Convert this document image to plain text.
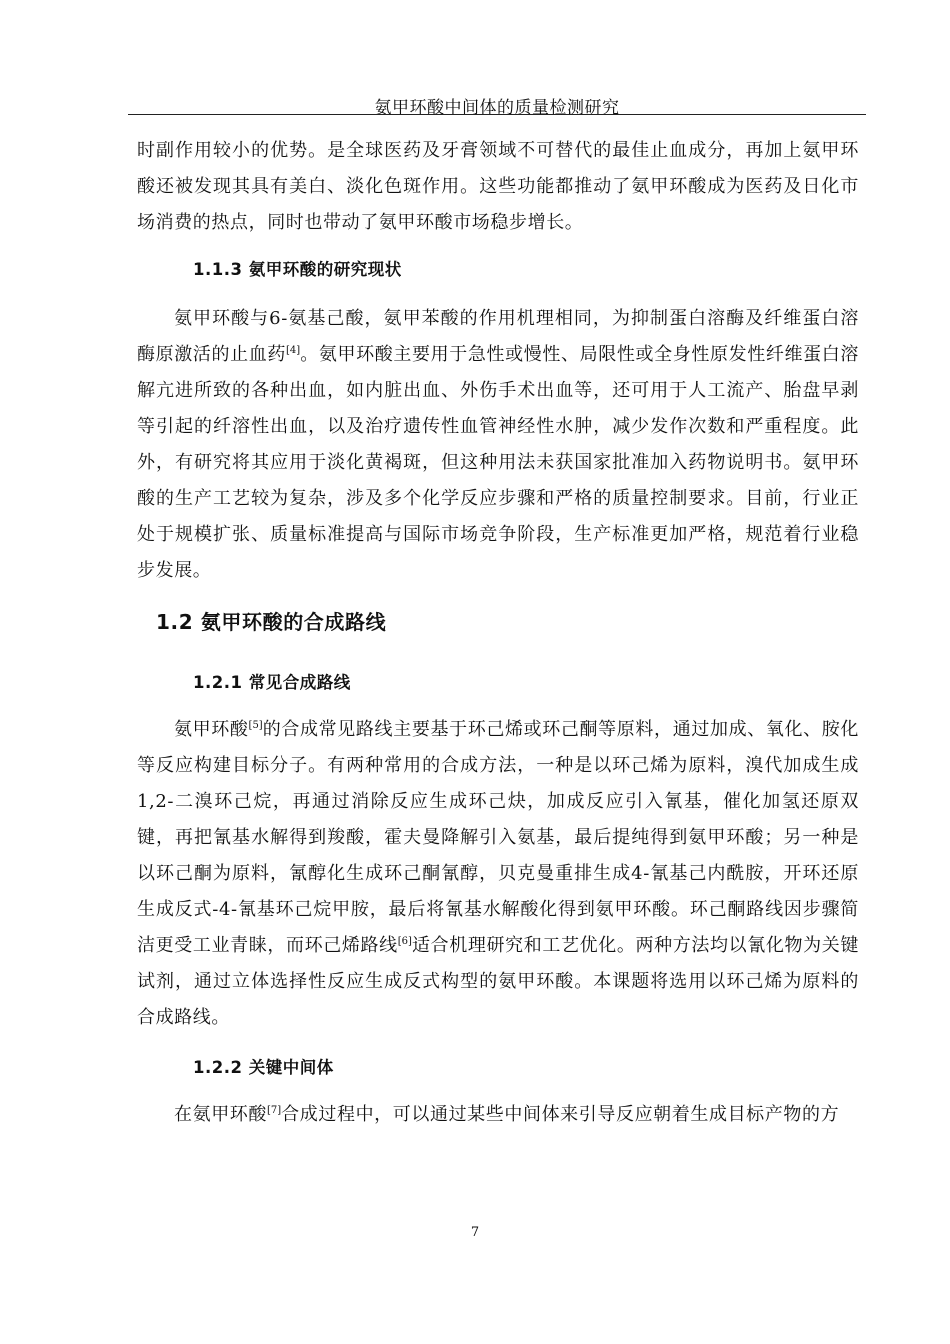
氨甲环酸中间体的质量检测研究

时副作用较小的优势。是全球医药及牙膏领域不可替代的最佳止血成分，再加上氨甲环酸还被发现其具有美白、淡化色斑作用。这些功能都推动了氨甲环酸成为医药及日化市场消费的热点，同时也带动了氨甲环酸市场稳步增长。

1.1.3 氨甲环酸的研究现状

氨甲环酸与6-氨基己酸，氨甲苯酸的作用机理相同，为抑制蛋白溶酶及纤维蛋白溶酶原激活的止血药[4]。氨甲环酸主要用于急性或慢性、局限性或全身性原发性纤维蛋白溶解亢进所致的各种出血，如内脏出血、外伤手术出血等，还可用于人工流产、胎盘早剥等引起的纤溶性出血，以及治疗遗传性血管神经性水肿，减少发作次数和严重程度。此外，有研究将其应用于淡化黄褐斑，但这种用法未获国家批准加入药物说明书。氨甲环酸的生产工艺较为复杂，涉及多个化学反应步骤和严格的质量控制要求。目前，行业正处于规模扩张、质量标准提高与国际市场竞争阶段，生产标准更加严格，规范着行业稳步发展。

1.2 氨甲环酸的合成路线
1.2.1 常见合成路线

氨甲环酸[5]的合成常见路线主要基于环己烯或环己酮等原料，通过加成、氧化、胺化等反应构建目标分子。有两种常用的合成方法，一种是以环己烯为原料，溴代加成生成1,2-二溴环己烷，再通过消除反应生成环己炔，加成反应引入氰基，催化加氢还原双键，再把氰基水解得到羧酸，霍夫曼降解引入氨基，最后提纯得到氨甲环酸；另一种是以环己酮为原料，氰醇化生成环己酮氰醇，贝克曼重排生成4-氰基己内酰胺，开环还原生成反式-4-氰基环己烷甲胺，最后将氰基水解酸化得到氨甲环酸。环己酮路线因步骤简洁更受工业青睐，而环己烯路线[6]适合机理研究和工艺优化。两种方法均以氰化物为关键试剂，通过立体选择性反应生成反式构型的氨甲环酸。本课题将选用以环己烯为原料的合成路线。

1.2.2 关键中间体

在氨甲环酸[7]合成过程中，可以通过某些中间体来引导反应朝着生成目标产物的方

7
